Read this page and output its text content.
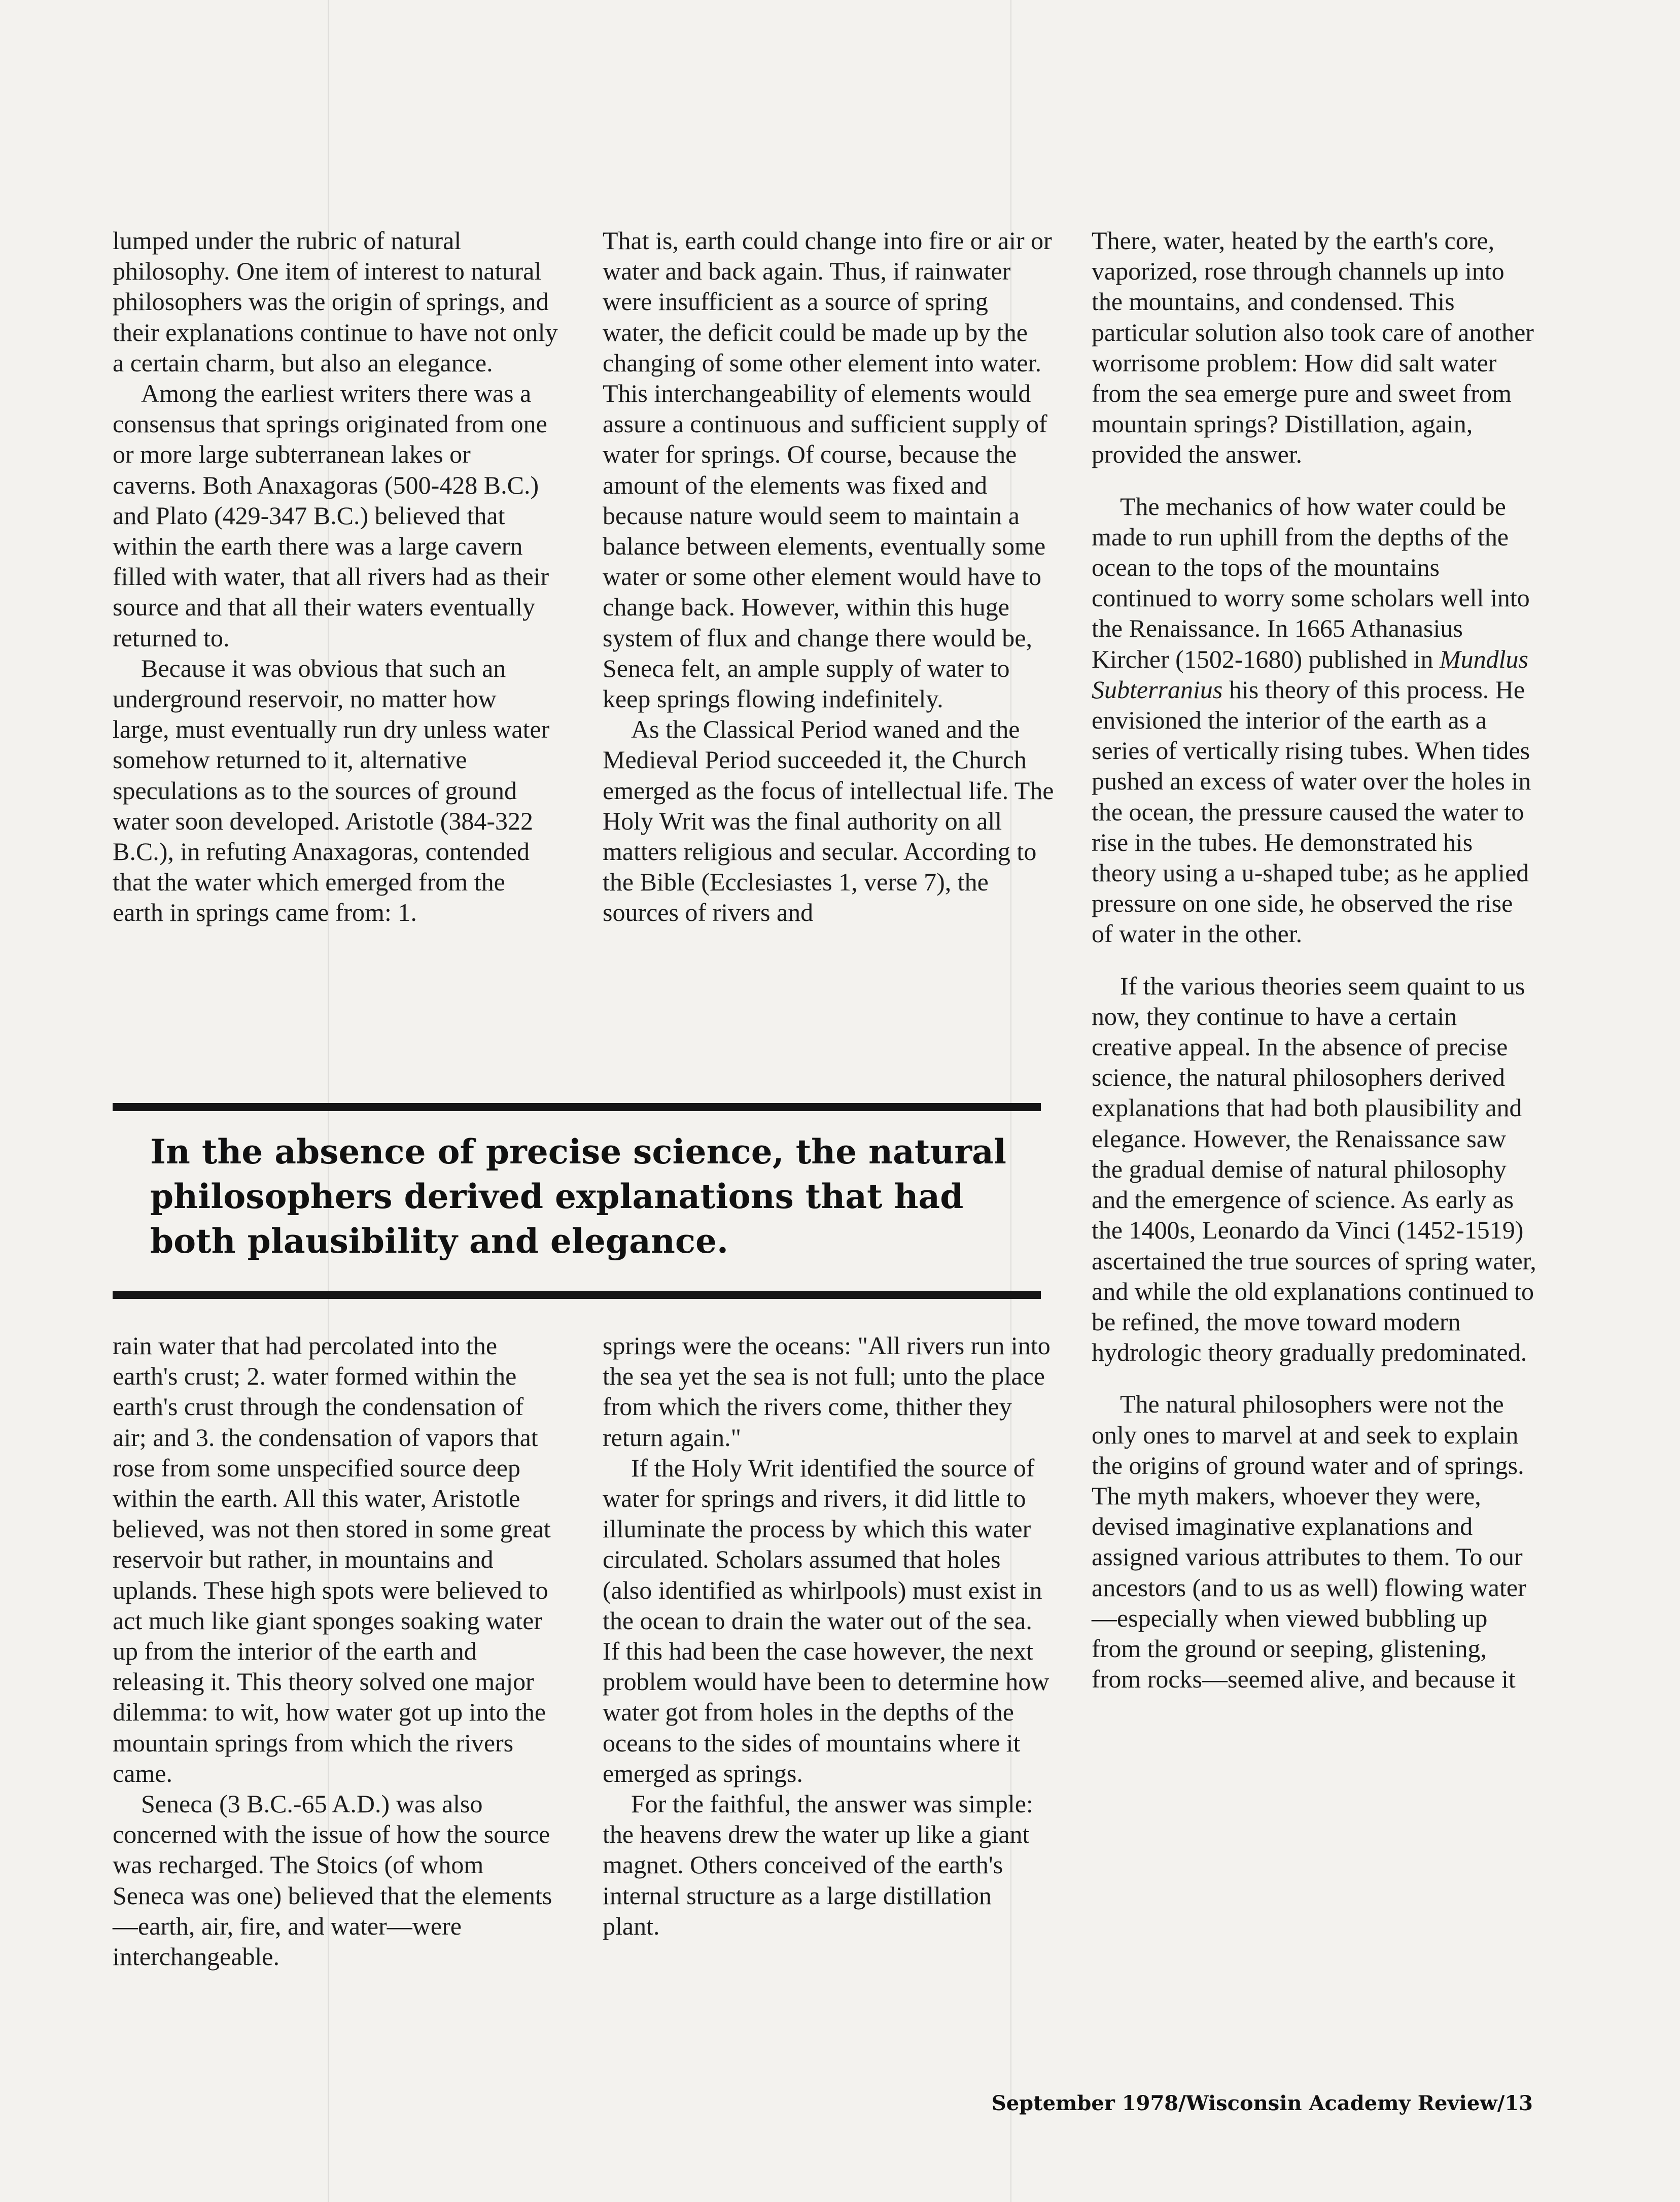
lumped under the rubric of natural philosophy. One item of interest to natural philosophers was the origin of springs, and their explanations continue to have not only a certain charm, but also an elegance.

Among the earliest writers there was a consensus that springs originated from one or more large subterranean lakes or caverns. Both Anaxagoras (500-428 B.C.) and Plato (429-347 B.C.) believed that within the earth there was a large cavern filled with water, that all rivers had as their source and that all their waters eventually returned to.

Because it was obvious that such an underground reservoir, no matter how large, must eventually run dry unless water somehow returned to it, alternative speculations as to the sources of ground water soon developed. Aristotle (384-322 B.C.), in refuting Anaxagoras, contended that the water which emerged from the earth in springs came from: 1.

That is, earth could change into fire or air or water and back again. Thus, if rainwater were insufficient as a source of spring water, the deficit could be made up by the changing of some other element into water. This interchangeability of elements would assure a continuous and sufficient supply of water for springs. Of course, because the amount of the elements was fixed and because nature would seem to maintain a balance between elements, eventually some water or some other element would have to change back. However, within this huge system of flux and change there would be, Seneca felt, an ample supply of water to keep springs flowing indefinitely.

As the Classical Period waned and the Medieval Period succeeded it, the Church emerged as the focus of intellectual life. The Holy Writ was the final authority on all matters religious and secular. According to the Bible (Ecclesiastes 1, verse 7), the sources of rivers and

There, water, heated by the earth's core, vaporized, rose through channels up into the mountains, and condensed. This particular solution also took care of another worrisome problem: How did salt water from the sea emerge pure and sweet from mountain springs? Distillation, again, provided the answer.

The mechanics of how water could be made to run uphill from the depths of the ocean to the tops of the mountains continued to worry some scholars well into the Renaissance. In 1665 Athanasius Kircher (1502-1680) published in Mundlus Subterranius his theory of this process. He envisioned the interior of the earth as a series of vertically rising tubes. When tides pushed an excess of water over the holes in the ocean, the pressure caused the water to rise in the tubes. He demonstrated his theory using a u-shaped tube; as he applied pressure on one side, he observed the rise of water in the other.

If the various theories seem quaint to us now, they continue to have a certain creative appeal. In the absence of precise science, the natural philosophers derived explanations that had both plausibility and elegance. However, the Renaissance saw the gradual demise of natural philosophy and the emergence of science. As early as the 1400s, Leonardo da Vinci (1452-1519) ascertained the true sources of spring water, and while the old explanations continued to be refined, the move toward modern hydrologic theory gradually predominated.

The natural philosophers were not the only ones to marvel at and seek to explain the origins of ground water and of springs. The myth makers, whoever they were, devised imaginative explanations and assigned various attributes to them. To our ancestors (and to us as well) flowing water—especially when viewed bubbling up from the ground or seeping, glistening, from rocks—seemed alive, and because it

In the absence of precise science, the natural philosophers derived explanations that had both plausibility and elegance.

rain water that had percolated into the earth's crust; 2. water formed within the earth's crust through the condensation of air; and 3. the condensation of vapors that rose from some unspecified source deep within the earth. All this water, Aristotle believed, was not then stored in some great reservoir but rather, in mountains and uplands. These high spots were believed to act much like giant sponges soaking water up from the interior of the earth and releasing it. This theory solved one major dilemma: to wit, how water got up into the mountain springs from which the rivers came.

Seneca (3 B.C.-65 A.D.) was also concerned with the issue of how the source was recharged. The Stoics (of whom Seneca was one) believed that the elements—earth, air, fire, and water—were interchangeable.

springs were the oceans: "All rivers run into the sea yet the sea is not full; unto the place from which the rivers come, thither they return again."

If the Holy Writ identified the source of water for springs and rivers, it did little to illuminate the process by which this water circulated. Scholars assumed that holes (also identified as whirlpools) must exist in the ocean to drain the water out of the sea. If this had been the case however, the next problem would have been to determine how water got from holes in the depths of the oceans to the sides of mountains where it emerged as springs.

For the faithful, the answer was simple: the heavens drew the water up like a giant magnet. Others conceived of the earth's internal structure as a large distillation plant.

September 1978/Wisconsin Academy Review/13
